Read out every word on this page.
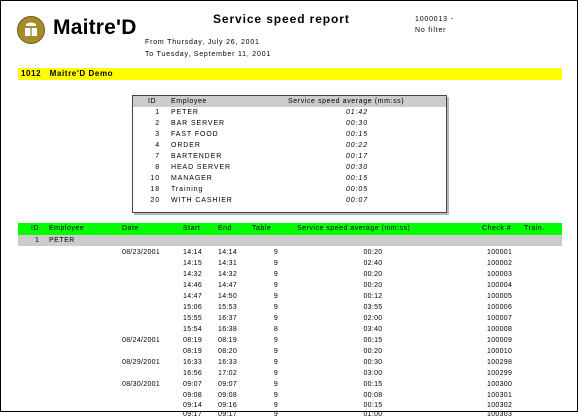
Maitre'D	Service speed report	1000013 -
No filter
From Thursday, July 26, 2001
To Tuesday, September 11, 2001
1012   Maitre'D Demo
ID Employee	Service speed average (mm:ss)
1 PETER	01:42
2 BAR SERVER	00:30
3 FAST FOOD	00:15
4 ORDER	00:22
7 BARTENDER	00:17
8 HEAD SERVER	00:30
10 MANAGER	00:15
18 Training	00:05
20 WITH CASHIER	00:07
ID Employee	Date	Start	End	Table	Service speed average (mm:ss)	Check # Train.
1 PETER
08/23/2001	14:14 14:14	9	00:20	100001
14:15 14:31	9	02:40	100002
14:32 14:32	9	00:20	100003
14:46 14:47	9	00:20	100004
14:47 14:50	9	00:12	100005
15:06 15:53	9	03:55	100006
15:55 16:37	9	02:00	100007
15:54 16:38	8	03:40	100008
08/24/2001	08:19 08:19	9	00:15	100009
08:19 08:20	9	00:20	100010
08/29/2001	16:33 16:33	9	00:30	100298
16:56 17:02	9	03:00	100299
08/30/2001	09:07 09:07	9	00:15	100300
09:08 09:08	9	00:08	100301
09:14 09:16	9	00:15	100302
09:17 09:17	9	01:00	100303
